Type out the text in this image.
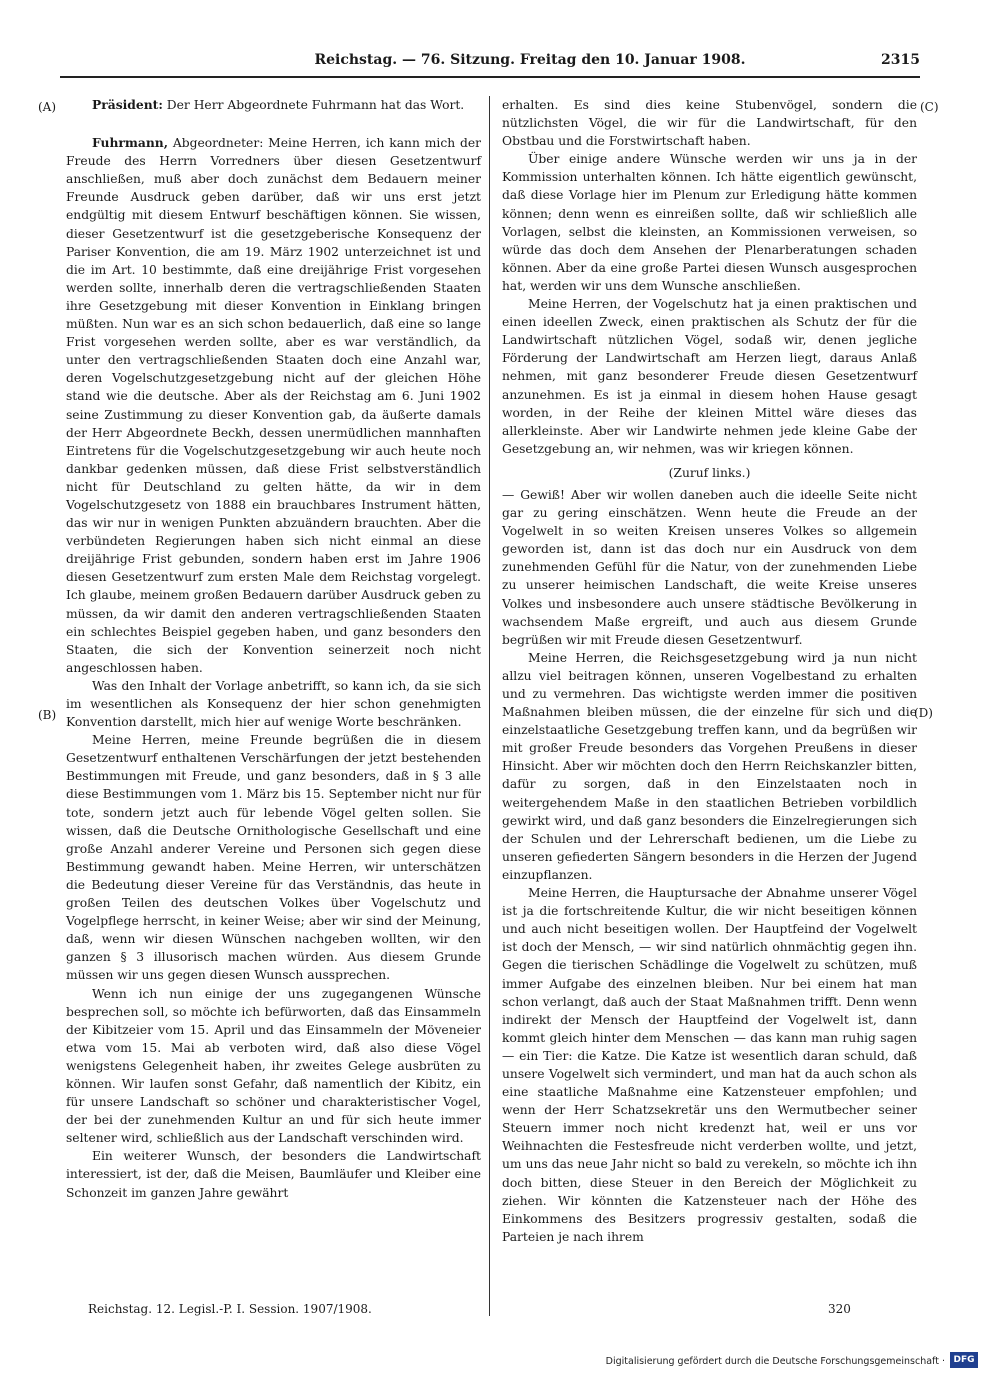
Reichstag. — 76. Sitzung. Freitag den 10. Januar 1908.	2315
(A)
(B)
(C)
(D)

Präsident: Der Herr Abgeordnete Fuhrmann hat das Wort.

Fuhrmann, Abgeordneter: Meine Herren, ich kann mich der Freude des Herrn Vorredners über diesen Gesetzentwurf anschließen, muß aber doch zunächst dem Bedauern meiner Freunde Ausdruck geben darüber, daß wir uns erst jetzt endgültig mit diesem Entwurf beschäftigen können. Sie wissen, dieser Gesetzentwurf ist die gesetzgeberische Konsequenz der Pariser Konvention, die am 19. März 1902 unterzeichnet ist und die im Art. 10 bestimmte, daß eine dreijährige Frist vorgesehen werden sollte, innerhalb deren die vertragschließenden Staaten ihre Gesetzgebung mit dieser Konvention in Einklang bringen müßten. Nun war es an sich schon bedauerlich, daß eine so lange Frist vorgesehen werden sollte, aber es war verständlich, da unter den vertragschließenden Staaten doch eine Anzahl war, deren Vogelschutzgesetzgebung nicht auf der gleichen Höhe stand wie die deutsche. Aber als der Reichstag am 6. Juni 1902 seine Zustimmung zu dieser Konvention gab, da äußerte damals der Herr Abgeordnete Beckh, dessen unermüdlichen mannhaften Eintretens für die Vogelschutzgesetzgebung wir auch heute noch dankbar gedenken müssen, daß diese Frist selbstverständlich nicht für Deutschland zu gelten hätte, da wir in dem Vogelschutzgesetz von 1888 ein brauchbares Instrument hätten, das wir nur in wenigen Punkten abzuändern brauchten. Aber die verbündeten Regierungen haben sich nicht einmal an diese dreijährige Frist gebunden, sondern haben erst im Jahre 1906 diesen Gesetzentwurf zum ersten Male dem Reichstag vorgelegt. Ich glaube, meinem großen Bedauern darüber Ausdruck geben zu müssen, da wir damit den anderen vertragschließenden Staaten ein schlechtes Beispiel gegeben haben, und ganz besonders den Staaten, die sich der Konvention seinerzeit noch nicht angeschlossen haben.

Was den Inhalt der Vorlage anbetrifft, so kann ich, da sie sich im wesentlichen als Konsequenz der hier schon genehmigten Konvention darstellt, mich hier auf wenige Worte beschränken.

Meine Herren, meine Freunde begrüßen die in diesem Gesetzentwurf enthaltenen Verschärfungen der jetzt bestehenden Bestimmungen mit Freude, und ganz besonders, daß in § 3 alle diese Bestimmungen vom 1. März bis 15. September nicht nur für tote, sondern jetzt auch für lebende Vögel gelten sollen. Sie wissen, daß die Deutsche Ornithologische Gesellschaft und eine große Anzahl anderer Vereine und Personen sich gegen diese Bestimmung gewandt haben. Meine Herren, wir unterschätzen die Bedeutung dieser Vereine für das Verständnis, das heute in großen Teilen des deutschen Volkes über Vogelschutz und Vogelpflege herrscht, in keiner Weise; aber wir sind der Meinung, daß, wenn wir diesen Wünschen nachgeben wollten, wir den ganzen § 3 illusorisch machen würden. Aus diesem Grunde müssen wir uns gegen diesen Wunsch aussprechen.

Wenn ich nun einige der uns zugegangenen Wünsche besprechen soll, so möchte ich befürworten, daß das Einsammeln der Kibitzeier vom 15. April und das Einsammeln der Möveneier etwa vom 15. Mai ab verboten wird, daß also diese Vögel wenigstens Gelegenheit haben, ihr zweites Gelege ausbrüten zu können. Wir laufen sonst Gefahr, daß namentlich der Kibitz, ein für unsere Landschaft so schöner und charakteristischer Vogel, der bei der zunehmenden Kultur an und für sich heute immer seltener wird, schließlich aus der Landschaft verschinden wird.

Ein weiterer Wunsch, der besonders die Landwirtschaft interessiert, ist der, daß die Meisen, Baumläufer und Kleiber eine Schonzeit im ganzen Jahre gewährt

erhalten. Es sind dies keine Stubenvögel, sondern die nützlichsten Vögel, die wir für die Landwirtschaft, für den Obstbau und die Forstwirtschaft haben.

Über einige andere Wünsche werden wir uns ja in der Kommission unterhalten können. Ich hätte eigentlich gewünscht, daß diese Vorlage hier im Plenum zur Erledigung hätte kommen können; denn wenn es einreißen sollte, daß wir schließlich alle Vorlagen, selbst die kleinsten, an Kommissionen verweisen, so würde das doch dem Ansehen der Plenarberatungen schaden können. Aber da eine große Partei diesen Wunsch ausgesprochen hat, werden wir uns dem Wunsche anschließen.

Meine Herren, der Vogelschutz hat ja einen praktischen und einen ideellen Zweck, einen praktischen als Schutz der für die Landwirtschaft nützlichen Vögel, sodaß wir, denen jegliche Förderung der Landwirtschaft am Herzen liegt, daraus Anlaß nehmen, mit ganz besonderer Freude diesen Gesetzentwurf anzunehmen. Es ist ja einmal in diesem hohen Hause gesagt worden, in der Reihe der kleinen Mittel wäre dieses das allerkleinste. Aber wir Landwirte nehmen jede kleine Gabe der Gesetzgebung an, wir nehmen, was wir kriegen können.

(Zuruf links.)

— Gewiß! Aber wir wollen daneben auch die ideelle Seite nicht gar zu gering einschätzen. Wenn heute die Freude an der Vogelwelt in so weiten Kreisen unseres Volkes so allgemein geworden ist, dann ist das doch nur ein Ausdruck von dem zunehmenden Gefühl für die Natur, von der zunehmenden Liebe zu unserer heimischen Landschaft, die weite Kreise unseres Volkes und insbesondere auch unsere städtische Bevölkerung in wachsendem Maße ergreift, und auch aus diesem Grunde begrüßen wir mit Freude diesen Gesetzentwurf.

Meine Herren, die Reichsgesetzgebung wird ja nun nicht allzu viel beitragen können, unseren Vogelbestand zu erhalten und zu vermehren. Das wichtigste werden immer die positiven Maßnahmen bleiben müssen, die der einzelne für sich und die einzelstaatliche Gesetzgebung treffen kann, und da begrüßen wir mit großer Freude besonders das Vorgehen Preußens in dieser Hinsicht. Aber wir möchten doch den Herrn Reichskanzler bitten, dafür zu sorgen, daß in den Einzelstaaten noch in weitergehendem Maße in den staatlichen Betrieben vorbildlich gewirkt wird, und daß ganz besonders die Einzelregierungen sich der Schulen und der Lehrerschaft bedienen, um die Liebe zu unseren gefiederten Sängern besonders in die Herzen der Jugend einzupflanzen.

Meine Herren, die Hauptursache der Abnahme unserer Vögel ist ja die fortschreitende Kultur, die wir nicht beseitigen können und auch nicht beseitigen wollen. Der Hauptfeind der Vogelwelt ist doch der Mensch, — wir sind natürlich ohnmächtig gegen ihn. Gegen die tierischen Schädlinge die Vogelwelt zu schützen, muß immer Aufgabe des einzelnen bleiben. Nur bei einem hat man schon verlangt, daß auch der Staat Maßnahmen trifft. Denn wenn indirekt der Mensch der Hauptfeind der Vogelwelt ist, dann kommt gleich hinter dem Menschen — das kann man ruhig sagen — ein Tier: die Katze. Die Katze ist wesentlich daran schuld, daß unsere Vogelwelt sich vermindert, und man hat da auch schon als eine staatliche Maßnahme eine Katzensteuer empfohlen; und wenn der Herr Schatzsekretär uns den Wermutbecher seiner Steuern immer noch nicht kredenzt hat, weil er uns vor Weihnachten die Festesfreude nicht verderben wollte, und jetzt, um uns das neue Jahr nicht so bald zu verekeln, so möchte ich ihn doch bitten, diese Steuer in den Bereich der Möglichkeit zu ziehen. Wir könnten die Katzensteuer nach der Höhe des Einkommens des Besitzers progressiv gestalten, sodaß die Parteien je nach ihrem

Reichstag. 12. Legisl.-P. I. Session. 1907/1908.	320
Digitalisierung gefördert durch die Deutsche Forschungsgemeinschaft · DFG
